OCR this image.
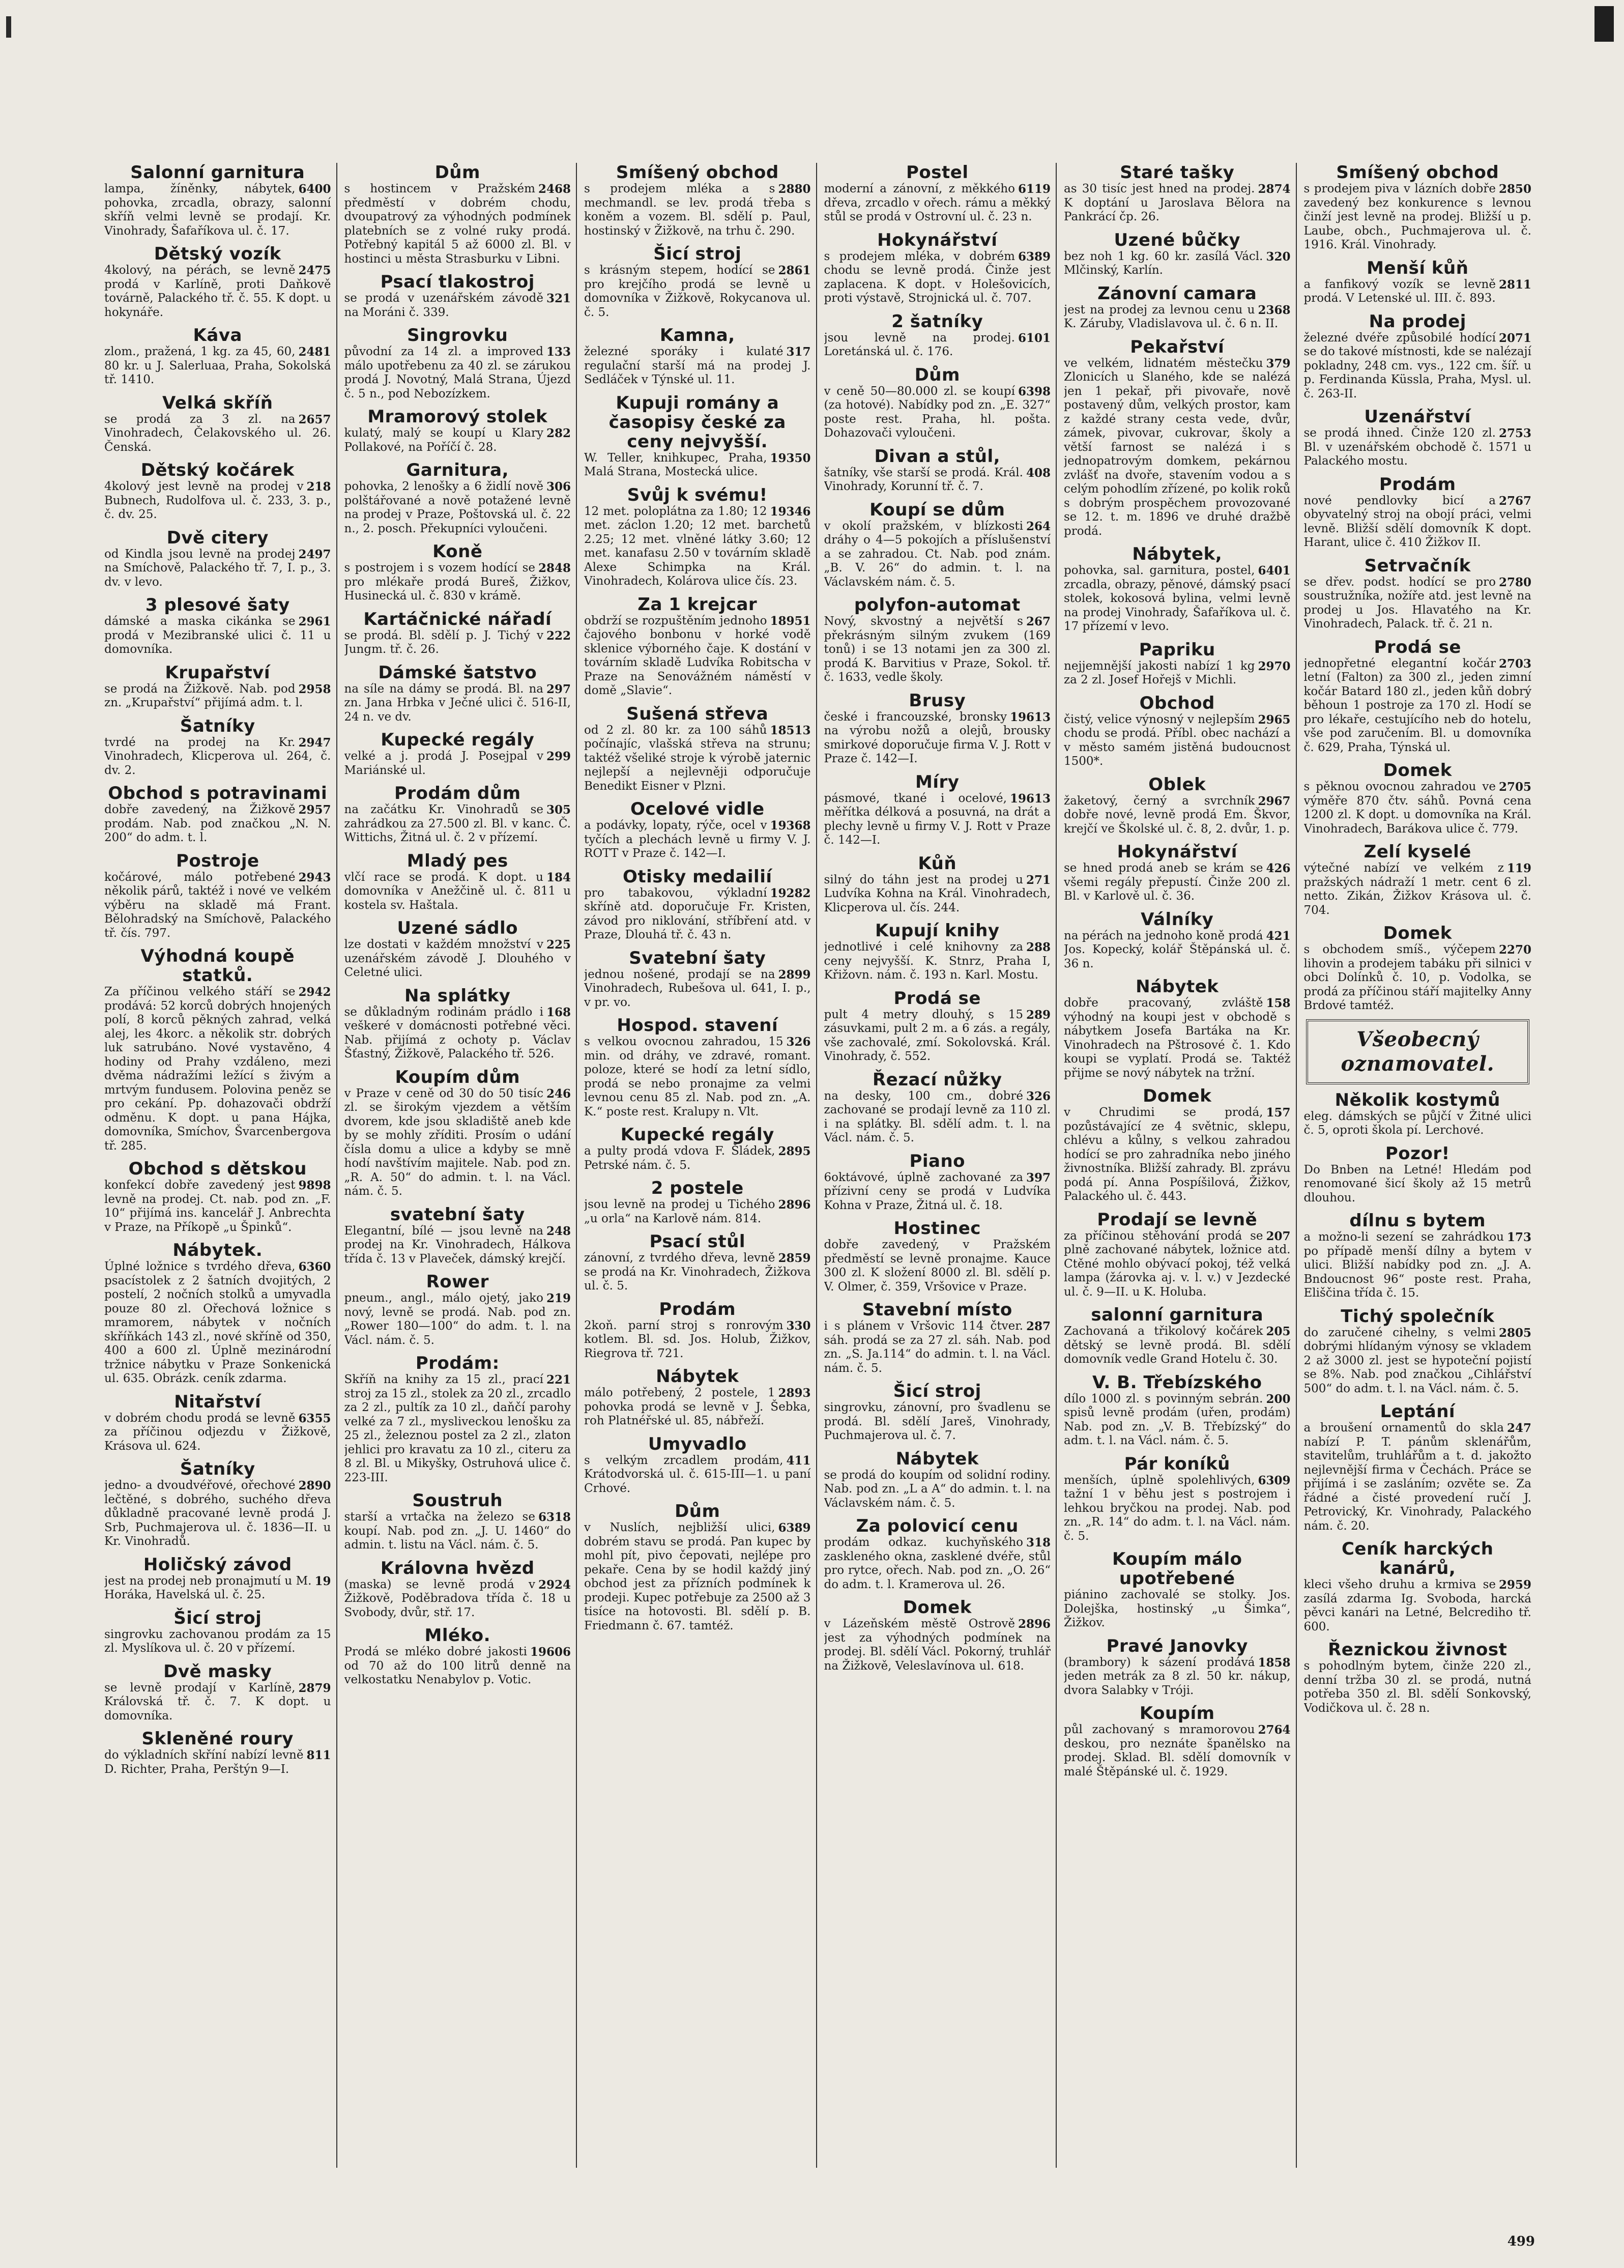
Salonní garnitura

6400
lampa, žíněnky, nábytek, pohovka, zrcadla, obrazy, salonní skříň velmi levně se prodají. Kr. Vinohrady, Šafaříkova ul. č. 17.

Dětský vozík

2475
4kolový, na pérách, se levně prodá v Karlíně, proti Daňkově továrně, Palackého tř. č. 55. K dopt. u hokynáře.

Káva

2481
zlom., pražená, 1 kg. za 45, 60, 80 kr. u J. Salerluaa, Praha, Sokolská tř. 1410.

Velká skříň

2657
se prodá za 3 zl. na Vinohradech, Čelakovského ul. 26. Čenská.

Dětský kočárek

218
4kolový jest levně na prodej v Bubnech, Rudolfova ul. č. 233, 3. p., č. dv. 25.

Dvě citery

2497
od Kindla jsou levně na prodej na Smíchově, Palackého tř. 7, I. p., 3. dv. v levo.

3 plesové šaty

2961
dámské a maska cikánka se prodá v Mezibranské ulici č. 11 u domovníka.

Krupařství

2958
se prodá na Žižkově. Nab. pod zn. „Krupařství“ přijímá adm. t. l.

Šatníky

2947
tvrdé na prodej na Kr. Vinohradech, Klicperova ul. 264, č. dv. 2.

Obchod s potravinami

2957
dobře zavedený, na Žižkově prodám. Nab. pod značkou „N. N. 200“ do adm. t. l.

Postroje

2943
kočárové, málo potřebené několik párů, taktéž i nové ve velkém výběru na skladě má Frant. Bělohradský na Smíchově, Palackého tř. čís. 797.

Výhodná koupě statků.

2942
Za příčinou velkého stáří se prodává: 52 korců dobrých hnojených polí, 8 korců pěkných zahrad, velká alej, les 4korc. a několik str. dobrých luk satrubáno. Nové vystavěno, 4 hodiny od Prahy vzdáleno, mezi dvěma nádražími ležící s živým a mrtvým fundusem. Polovina peněz se pro cekání. Pp. dohazovači obdrží odměnu. K dopt. u pana Hájka, domovníka, Smíchov, Švarcenbergova tř. 285.

Obchod s dětskou

9898
konfekcí dobře zavedený jest levně na prodej. Ct. nab. pod zn. „F. 10“ přijímá ins. kancelář J. Anbrechta v Praze, na Příkopě „u Špinků“.

Nábytek.

6360
Úplné ložnice s tvrdého dřeva, psacístolek z 2 šatních dvojitých, 2 postelí, 2 nočních stolků a umyvadla pouze 80 zl. Ořechová ložnice s mramorem, nábytek v nočních skříňkách 143 zl., nové skříně od 350, 400 a 600 zl. Úplně mezinárodní tržnice nábytku v Praze Sonkenická ul. 635. Obrázk. ceník zdarma.

Nitařství

6355
v dobrém chodu prodá se levně za příčinou odjezdu v Žižkově, Krásova ul. 624.

Šatníky

2890
jedno- a dvoudvéřové, ořechové lečtěné, s dobrého, suchého dřeva důkladně pracované levně prodá J. Srb, Puchmajerova ul. č. 1836—II. u Kr. Vinohradů.

Holičský závod

19
jest na prodej neb pronajmutí u M. Horáka, Havelská ul. č. 25.

Šicí stroj

singrovku zachovanou prodám za 15 zl. Myslíkova ul. č. 20 v přízemí.

Dvě masky

2879
se levně prodají v Karlíně, Královská tř. č. 7. K dopt. u domovníka.

Skleněné roury

811
do výkladních skříní nabízí levně D. Richter, Praha, Perštýn 9—I.

Dům

2468
s hostincem v Pražském předměstí v dobrém chodu, dvoupatrový za výhodných podmínek platebních se z volné ruky prodá. Potřebný kapitál 5 až 6000 zl. Bl. v hostinci u města Strasburku v Libni.

Psací tlakostroj

321
se prodá v uzenářském závodě na Moráni č. 339.

Singrovku

133
původní za 14 zl. a improved málo upotřebenu za 40 zl. se zárukou prodá J. Novotný, Malá Strana, Újezd č. 5 n., pod Nebozízkem.

Mramorový stolek

282
kulatý, malý se koupí u Klary Pollakové, na Poříčí č. 28.

Garnitura,

306
pohovka, 2 lenošky a 6 židlí nově polštářované a nově potažené levně na prodej v Praze, Poštovská ul. č. 22 n., 2. posch. Překupníci vyloučeni.

Koně

2848
s postrojem i s vozem hodící se pro mlékaře prodá Bureš, Žižkov, Husinecká ul. č. 830 v krámě.

Kartáčnické nářadí

222
se prodá. Bl. sdělí p. J. Tichý v Jungm. tř. č. 26.

Dámské šatstvo

297
na síle na dámy se prodá. Bl. na zn. Jana Hrbka v Ječné ulici č. 516-II, 24 n. ve dv.

Kupecké regály

299
velké a j. prodá J. Posejpal v Mariánské ul.

Prodám dům

305
na začátku Kr. Vinohradů se zahrádkou za 27.500 zl. Bl. v kanc. Č. Wittichs, Žitná ul. č. 2 v přízemí.

Mladý pes

184
vlčí race se prodá. K dopt. u domovníka v Anežčině ul. č. 811 u kostela sv. Haštala.

Uzené sádlo

225
lze dostati v každém množství v uzenářském závodě J. Dlouhého v Celetné ulici.

Na splátky

168
se důkladným rodinám prádlo i veškeré v domácnosti potřebné věci. Nab. přijímá z ochoty p. Václav Šťastný, Žižkově, Palackého tř. 526.

Koupím dům

246
v Praze v ceně od 30 do 50 tisíc zl. se širokým vjezdem a větším dvorem, kde jsou skladiště aneb kde by se mohly zříditi. Prosím o udání čísla domu a ulice a kdyby se mně hodí navštívím majitele. Nab. pod zn. „R. A. 50“ do admin. t. l. na Václ. nám. č. 5.

svatební šaty

248
Elegantní, bílé — jsou levně na prodej na Kr. Vinohradech, Hálkova třída č. 13 v Plaveček, dámský krejčí.

Rower

219
pneum., angl., málo ojetý, jako nový, levně se prodá. Nab. pod zn. „Rower 180—100“ do adm. t. l. na Václ. nám. č. 5.

Prodám:

221
Skříň na knihy za 15 zl., prací stroj za 15 zl., stolek za 20 zl., zrcadlo za 2 zl., pultík za 10 zl., daňčí parohy velké za 7 zl., mysliveckou lenošku za 25 zl., železnou postel za 2 zl., zlaton jehlici pro kravatu za 10 zl., citeru za 8 zl. Bl. u Mikyšky, Ostruhová ulice č. 223-III.

Soustruh

6318
starší a vrtačka na železo se koupí. Nab. pod zn. „J. U. 1460“ do admin. t. listu na Václ. nám. č. 5.

Královna hvězd

2924
(maska) se levně prodá v Žižkově, Poděbradova třída č. 18 u Svobody, dvůr, stř. 17.

Mléko.

19606
Prodá se mléko dobré jakosti od 70 až do 100 litrů denně na velkostatku Nenabylov p. Votic.

Smíšený obchod

2880
s prodejem mléka a s mechmandl. se lev. prodá třeba s koněm a vozem. Bl. sdělí p. Paul, hostinský v Žižkově, na trhu č. 290.

Šicí stroj

2861
s krásným stepem, hodící se pro krejčího prodá se levně u domovníka v Žižkově, Rokycanova ul. č. 5.

Kamna,

317
železné sporáky i kulaté regulační starší má na prodej J. Sedláček v Týnské ul. 11.

Kupuji romány a časopisy české za ceny nejvyšší.

19350
W. Teller, knihkupec, Praha, Malá Strana, Mostecká ulice.

Svůj k svému!

19346
12 met. poloplátna za 1.80; 12 met. záclon 1.20; 12 met. barchetů 2.25; 12 met. vlněné látky 3.60; 12 met. kanafasu 2.50 v továrním skladě Alexe Schimpka na Král. Vinohradech, Kolárova ulice čís. 23.

Za 1 krejcar

18951
obdrží se rozpuštěním jednoho čajového bonbonu v horké vodě sklenice výborného čaje. K dostání v továrním skladě Ludvíka Robitscha v Praze na Senovážném náměstí v domě „Slavie“.

Sušená střeva

18513
od 2 zl. 80 kr. za 100 sáhů počínajíc, vlašská střeva na strunu; taktéž všeliké stroje k výrobě jaternic nejlepší a nejlevněji odporučuje Benedikt Eisner v Plzni.

Ocelové vidle

19368
a podávky, lopaty, rýče, ocel v tyčích a plechách levně u firmy V. J. ROTT v Praze č. 142—I.

Otisky medailií

19282
pro tabakovou, výkladní skříně atd. doporučuje Fr. Kristen, závod pro niklování, stříbření atd. v Praze, Dlouhá tř. č. 43 n.

Svatební šaty

2899
jednou nošené, prodají se na Vinohradech, Rubešova ul. 641, I. p., v pr. vo.

Hospod. stavení

326
s velkou ovocnou zahradou, 15 min. od dráhy, ve zdravé, romant. poloze, které se hodí za letní sídlo, prodá se nebo pronajme za velmi levnou cenu 85 zl. Nab. pod zn. „A. K.“ poste rest. Kralupy n. Vlt.

Kupecké regály

2895
a pulty prodá vdova F. Šládek, Petrské nám. č. 5.

2 postele

2896
jsou levně na prodej u Tichého „u orla“ na Karlově nám. 814.

Psací stůl

2859
zánovní, z tvrdého dřeva, levně se prodá na Kr. Vinohradech, Žižkova ul. č. 5.

Prodám

330
2koň. parní stroj s ronrovým kotlem. Bl. sd. Jos. Holub, Žižkov, Riegrova tř. 721.

Nábytek

2893
málo potřebený, 2 postele, 1 pohovka prodá se levně v J. Šebka, roh Platnéřské ul. 85, nábřeží.

Umyvadlo

411
s velkým zrcadlem prodám, Krátodvorská ul. č. 615-III—1. u paní Crhové.

Dům

6389
v Nuslích, nejbližší ulici, dobrém stavu se prodá. Pan kupec by mohl pít, pivo čepovati, nejlépe pro pekaře. Cena by se hodil každý jiný obchod jest za přízních podmínek k prodeji. Kupec potřebuje za 2500 až 3 tisíce na hotovosti. Bl. sdělí p. B. Friedmann č. 67. tamtéž.

Postel

6119
moderní a zánovní, z měkkého dřeva, zrcadlo v ořech. rámu a měkký stůl se prodá v Ostrovní ul. č. 23 n.

Hokynářství

6389
s prodejem mléka, v dobrém chodu se levně prodá. Činže jest zaplacena. K dopt. v Holešovicích, proti výstavě, Strojnická ul. č. 707.

2 šatníky

6101
jsou levně na prodej. Loretánská ul. č. 176.

Dům

6398
v ceně 50—80.000 zl. se koupí (za hotové). Nabídky pod zn. „E. 327“ poste rest. Praha, hl. pošta. Dohazovači vyloučeni.

Divan a stůl,

408
šatníky, vše starší se prodá. Král. Vinohrady, Korunní tř. č. 7.

Koupí se dům

264
v okolí pražském, v blízkosti dráhy o 4—5 pokojích a příslušenství a se zahradou. Ct. Nab. pod znám. „B. V. 26“ do admin. t. l. na Václavském nám. č. 5.

polyfon-automat

267
Nový, skvostný a největší s překrásným silným zvukem (169 tonů) i se 13 notami jen za 300 zl. prodá K. Barvitius v Praze, Sokol. tř. č. 1633, vedle školy.

Brusy

19613
české i francouzské, bronsky na výrobu nožů a olejů, brousky smirkové doporučuje firma V. J. Rott v Praze č. 142—I.

Míry

19613
pásmové, tkané i ocelové, měřítka délková a posuvná, na drát a plechy levně u firmy V. J. Rott v Praze č. 142—I.

Kůň

271
silný do táhn jest na prodej u Ludvíka Kohna na Král. Vinohradech, Klicperova ul. čís. 244.

Kupují knihy

288
jednotlivé i celé knihovny za ceny nejvyšší. K. Stnrz, Praha I, Křižovn. nám. č. 193 n. Karl. Mostu.

Prodá se

289
pult 4 metry dlouhý, s 15 zásuvkami, pult 2 m. a 6 zás. a regály, vše zachovalé, zmí. Sokolovská. Král. Vinohrady, č. 552.

Řezací nůžky

326
na desky, 100 cm., dobré zachované se prodají levně za 110 zl. i na splátky. Bl. sdělí adm. t. l. na Václ. nám. č. 5.

Piano

397
6oktávové, úplně zachované za přízivní ceny se prodá v Ludvíka Kohna v Praze, Žitná ul. č. 18.

Hostinec

dobře zavedený, v Pražském předměstí se levně pronajme. Kauce 300 zl. K složení 8000 zl. Bl. sdělí p. V. Olmer, č. 359, Vršovice v Praze.

Stavební místo

287
i s plánem v Vršovic 114 čtver. sáh. prodá se za 27 zl. sáh. Nab. pod zn. „S. Ja.114“ do admin. t. l. na Václ. nám. č. 5.

Šicí stroj

singrovku, zánovní, pro švadlenu se prodá. Bl. sdělí Jareš, Vinohrady, Puchmajerova ul. č. 7.

Nábytek

se prodá do koupím od solidní rodiny. Nab. pod zn. „L a A“ do admin. t. l. na Václavském nám. č. 5.

Za polovicí cenu

318
prodám odkaz. kuchyňského zaskleného okna, zasklené dvéře, stůl pro rytce, ořech. Nab. pod zn. „O. 26“ do adm. t. l. Kramerova ul. 26.

Domek

2896
v Lázeňském městě Ostrově jest za výhodných podmínek na prodej. Bl. sdělí Václ. Pokorný, truhlář na Žižkově, Veleslavínova ul. 618.

Staré tašky

2874
as 30 tisíc jest hned na prodej. K doptání u Jaroslava Bělora na Pankrácí čp. 26.

Uzené bůčky

320
bez noh 1 kg. 60 kr. zasílá Václ. Mlčinský, Karlín.

Zánovní camara

2368
jest na prodej za levnou cenu u K. Záruby, Vladislavova ul. č. 6 n. II.

Pekařství

379
ve velkém, lidnatém městečku Zlonicích u Slaného, kde se nalézá jen 1 pekař, při pivovaře, nově postavený dům, velkých prostor, kam z každé strany cesta vede, dvůr, zámek, pivovar, cukrovar, školy a větší farnost se nalézá i s jednopatrovým domkem, pekárnou zvlášť na dvoře, stavením vodou a s celým pohodlím zřízené, po kolik roků s dobrým prospěchem provozované se 12. t. m. 1896 ve druhé dražbě prodá.

Nábytek,

6401
pohovka, sal. garnitura, postel, zrcadla, obrazy, pěnové, dámský psací stolek, kokosová bylina, velmi levně na prodej Vinohrady, Šafaříkova ul. č. 17 přízemí v levo.

Papriku

2970
nejjemnější jakosti nabízí 1 kg za 2 zl. Josef Hořejš v Michli.

Obchod

2965
čistý, velice výnosný v nejlepším chodu se prodá. Příbl. obec nachází a v město samém jistěná budoucnost 1500*.

Oblek

2967
žaketový, černý a svrchník dobře nové, levně prodá Em. Škvor, krejčí ve Školské ul. č. 8, 2. dvůr, 1. p.

Hokynářství

426
se hned prodá aneb se krám se všemi regály přepustí. Činže 200 zl. Bl. v Karlově ul. č. 36.

Válníky

421
na pérách na jednoho koně prodá Jos. Kopecký, kolář Štěpánská ul. č. 36 n.

Nábytek

158
dobře pracovaný, zvláště výhodný na koupi jest v obchodě s nábytkem Josefa Bartáka na Kr. Vinohradech na Pštrosové č. 1. Kdo koupi se vyplatí. Prodá se. Taktéž přijme se nový nábytek na tržní.

Domek

157
v Chrudimi se prodá, pozůstávající ze 4 světnic, sklepu, chlévu a kůlny, s velkou zahradou hodící se pro zahradníka nebo jiného živnostníka. Bližší zahrady. Bl. zprávu podá pí. Anna Pospíšilová, Žižkov, Palackého ul. č. 443.

Prodají se levně

207
za příčinou stěhování prodá se plně zachované nábytek, ložnice atd. Ctěné mohlo obývací pokoj, též velká lampa (žárovka aj. v. l. v.) v Jezdecké ul. č. 9—II. u K. Holuba.

salonní garnitura

205
Zachovaná a třikolový kočárek dětský se levně prodá. Bl. sdělí domovník vedle Grand Hotelu č. 30.

V. B. Třebízského

200
dílo 1000 zl. s povinným sebrán. spisů levně prodám (uřen, prodám) Nab. pod zn. „V. B. Třebízský“ do adm. t. l. na Václ. nám. č. 5.

Pár koníků

6309
menších, úplně spolehlivých, tažní 1 v běhu jest s postrojem i lehkou bryčkou na prodej. Nab. pod zn. „R. 14“ do adm. t. l. na Václ. nám. č. 5.

Koupím málo upotřebené

piánino zachovalé se stolky. Jos. Dolejška, hostinský „u Šimka“, Žižkov.

Pravé Janovky

1858
(brambory) k sázení prodává jeden metrák za 8 zl. 50 kr. nákup, dvora Salabky v Tróji.

Koupím

2764
půl zachovaný s mramorovou deskou, pro neznáte španělsko na prodej. Sklad. Bl. sdělí domovník v malé Štěpánské ul. č. 1929.

Smíšený obchod

2850
s prodejem piva v lázních dobře zavedený bez konkurence s levnou činží jest levně na prodej. Bližší u p. Laube, obch., Puchmajerova ul. č. 1916. Král. Vinohrady.

Menší kůň

2811
a fanfikový vozík se levně prodá. V Letenské ul. III. č. 893.

Na prodej

2071
železné dvéře způsobilé hodící se do takové místnosti, kde se nalézají pokladny, 248 cm. vys., 122 cm. šíř. u p. Ferdinanda Küssla, Praha, Mysl. ul. č. 263-II.

Uzenářství

2753
se prodá ihned. Činže 120 zl. Bl. v uzenářském obchodě č. 1571 u Palackého mostu.

Prodám

2767
nové pendlovky bicí a obyvatelný stroj na obojí práci, velmi levně. Bližší sdělí domovník K dopt. Harant, ulice č. 410 Žižkov II.

Setrvačník

2780
se dřev. podst. hodící se pro soustružníka, nožíře atd. jest levně na prodej u Jos. Hlavatého na Kr. Vinohradech, Palack. tř. č. 21 n.

Prodá se

2703
jednopřetné elegantní kočár letní (Falton) za 300 zl., jeden zimní kočár Batard 180 zl., jeden kůň dobrý běhoun 1 postroje za 170 zl. Hodí se pro lékaře, cestujícího neb do hotelu, vše pod zaručením. Bl. u domovníka č. 629, Praha, Týnská ul.

Domek

2705
s pěknou ovocnou zahradou ve výměře 870 čtv. sáhů. Povná cena 1200 zl. K dopt. u domovníka na Král. Vinohradech, Barákova ulice č. 779.

Zelí kyselé

119
výtečné nabízí ve velkém z pražských nádraží 1 metr. cent 6 zl. netto. Zikán, Žižkov Krásova ul. č. 704.

Domek

2270
s obchodem smíš., výčepem lihovin a prodejem tabáku při silnici v obci Dolínků č. 10, p. Vodolka, se prodá za příčinou stáří majitelky Anny Brdové tamtéž.

Všeobecný oznamovatel.
Několik kostymů

eleg. dámských se půjčí v Žitné ulici č. 5, oproti škola pí. Lerchové.

Pozor!

Do Bnben na Letné! Hledám pod renomované šicí školy až 15 metrů dlouhou.

dílnu s bytem

173
a možno-li sezení se zahrádkou po případě menší dílny a bytem v ulici. Bližší nabídky pod zn. „J. A. Bndoucnost 96“ poste rest. Praha, Eliščina třída č. 15.

Tichý společník

2805
do zaručené cihelny, s velmi dobrými hlídaným výnosy se vkladem 2 až 3000 zl. jest se hypoteční pojistí se 8%. Nab. pod značkou „Cihlářství 500“ do adm. t. l. na Václ. nám. č. 5.

Leptání

247
a broušení ornamentů do skla nabízí P. T. pánům sklenářům, stavitelům, truhlářům a t. d. jakožto nejlevnější firma v Čechách. Práce se přijímá i se zasláním; ozvěte se. Za řádné a čisté provedení ručí J. Petrovický, Kr. Vinohrady, Palackého nám. č. 20.

Ceník harckých kanárů,

2959
kleci všeho druhu a krmiva se zasílá zdarma Ig. Svoboda, harcká pěvci kanári na Letné, Belcrediho tř. 600.

Řeznickou živnost

s pohodlným bytem, činže 220 zl., denní tržba 30 zl. se prodá, nutná potřeba 350 zl. Bl. sdělí Sonkovský, Vodičkova ul. č. 28 n.

499
